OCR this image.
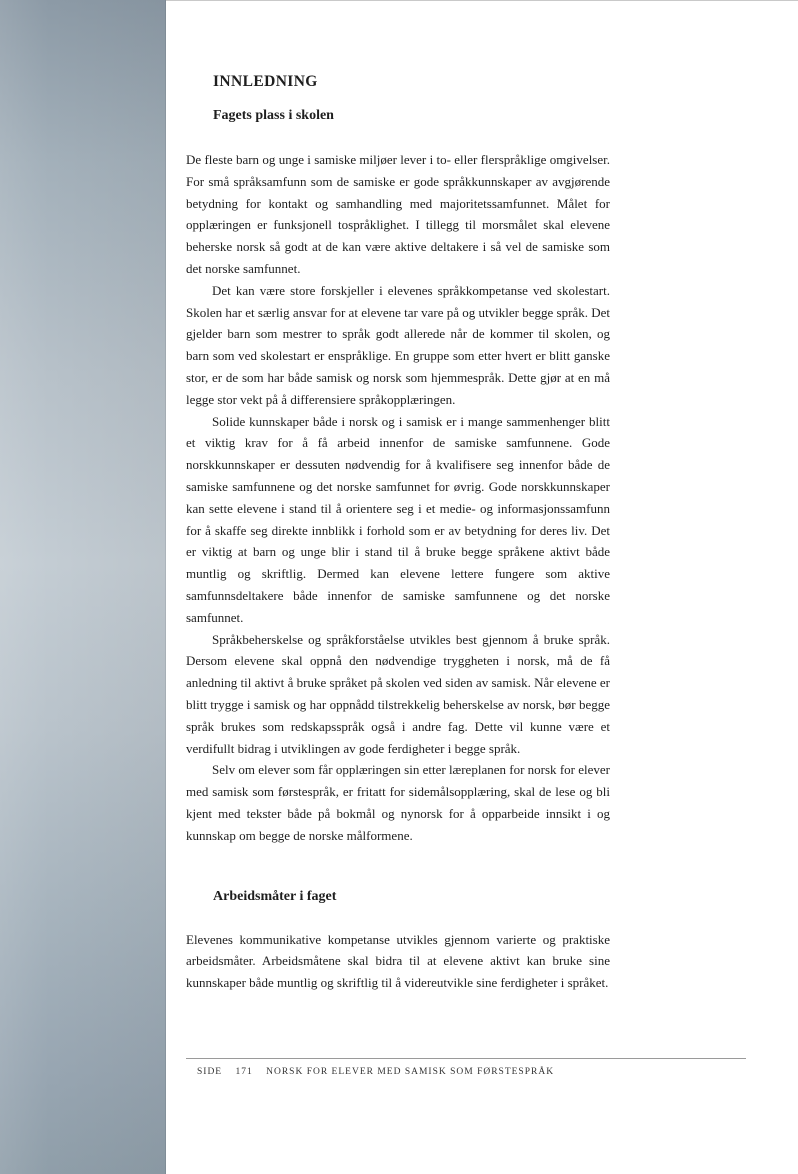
INNLEDNING
Fagets plass i skolen

De fleste barn og unge i samiske miljøer lever i to- eller flerspråklige omgivelser. For små språksamfunn som de samiske er gode språkkunnskaper av avgjørende betydning for kontakt og samhandling med majoritetssamfunnet. Målet for opplæringen er funksjonell tospråklighet. I tillegg til morsmålet skal elevene beherske norsk så godt at de kan være aktive deltakere i så vel de samiske som det norske samfunnet.

Det kan være store forskjeller i elevenes språkkompetanse ved skolestart. Skolen har et særlig ansvar for at elevene tar vare på og utvikler begge språk. Det gjelder barn som mestrer to språk godt allerede når de kommer til skolen, og barn som ved skolestart er enspråklige. En gruppe som etter hvert er blitt ganske stor, er de som har både samisk og norsk som hjemmespråk. Dette gjør at en må legge stor vekt på å differensiere språkopplæringen.

Solide kunnskaper både i norsk og i samisk er i mange sammenhenger blitt et viktig krav for å få arbeid innenfor de samiske samfunnene. Gode norskkunnskaper er dessuten nødvendig for å kvalifisere seg innenfor både de samiske samfunnene og det norske samfunnet for øvrig. Gode norskkunnskaper kan sette elevene i stand til å orientere seg i et medie- og informasjonssamfunn for å skaffe seg direkte innblikk i forhold som er av betydning for deres liv. Det er viktig at barn og unge blir i stand til å bruke begge språkene aktivt både muntlig og skriftlig. Dermed kan elevene lettere fungere som aktive samfunnsdeltakere både innenfor de samiske samfunnene og det norske samfunnet.

Språkbeherskelse og språkforståelse utvikles best gjennom å bruke språk. Dersom elevene skal oppnå den nødvendige tryggheten i norsk, må de få anledning til aktivt å bruke språket på skolen ved siden av samisk. Når elevene er blitt trygge i samisk og har oppnådd tilstrekkelig beherskelse av norsk, bør begge språk brukes som redskapsspråk også i andre fag. Dette vil kunne være et verdifullt bidrag i utviklingen av gode ferdigheter i begge språk.

Selv om elever som får opplæringen sin etter læreplanen for norsk for elever med samisk som førstespråk, er fritatt for sidemålsopplæring, skal de lese og bli kjent med tekster både på bokmål og nynorsk for å opparbeide innsikt i og kunnskap om begge de norske målformene.

Arbeidsmåter i faget

Elevenes kommunikative kompetanse utvikles gjennom varierte og praktiske arbeidsmåter. Arbeidsmåtene skal bidra til at elevene aktivt kan bruke sine kunnskaper både muntlig og skriftlig til å videreutvikle sine ferdigheter i språket.

SIDE 171 NORSK FOR ELEVER MED SAMISK SOM FØRSTESPRÅK
